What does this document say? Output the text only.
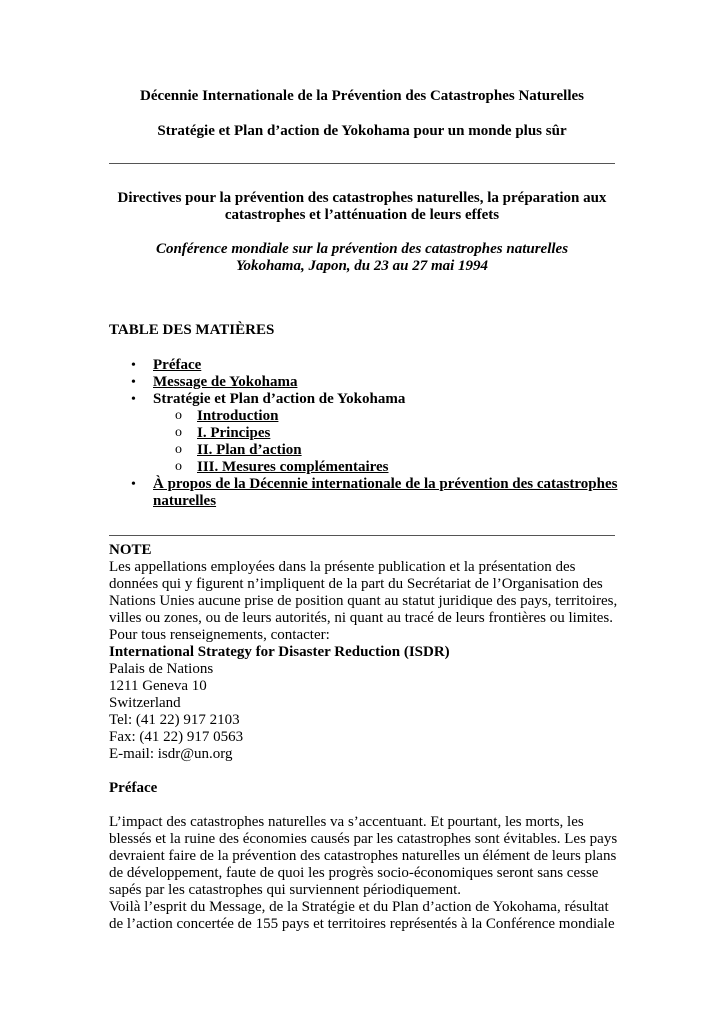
Décennie Internationale de la Prévention des Catastrophes Naturelles
Stratégie et Plan d’action de Yokohama pour un monde plus sûr
Directives pour la prévention des catastrophes naturelles, la préparation aux
catastrophes et l’atténuation de leurs effets
Conférence mondiale sur la prévention des catastrophes naturelles
Yokohama, Japon, du 23 au 27 mai 1994
TABLE DES MATIÈRES
• Préface
• Message de Yokohama
• Stratégie et Plan d’action de Yokohama
o Introduction
o I. Principes
o II. Plan d’action
o III. Mesures complémentaires
• À propos de la Décennie internationale de la prévention des catastrophes
naturelles
NOTE
Les appellations employées dans la présente publication et la présentation des
données qui y figurent n’impliquent de la part du Secrétariat de l’Organisation des
Nations Unies aucune prise de position quant au statut juridique des pays, territoires,
villes ou zones, ou de leurs autorités, ni quant au tracé de leurs frontières ou limites.
Pour tous renseignements, contacter:
International Strategy for Disaster Reduction (ISDR)
Palais de Nations
1211 Geneva 10
Switzerland
Tel: (41 22) 917 2103
Fax: (41 22) 917 0563
E-mail: isdr@un.org
Préface
L’impact des catastrophes naturelles va s’accentuant. Et pourtant, les morts, les
blessés et la ruine des économies causés par les catastrophes sont évitables. Les pays
devraient faire de la prévention des catastrophes naturelles un élément de leurs plans
de développement, faute de quoi les progrès socio-économiques seront sans cesse
sapés par les catastrophes qui surviennent périodiquement.
Voilà l’esprit du Message, de la Stratégie et du Plan d’action de Yokohama, résultat
de l’action concertée de 155 pays et territoires représentés à la Conférence mondiale
